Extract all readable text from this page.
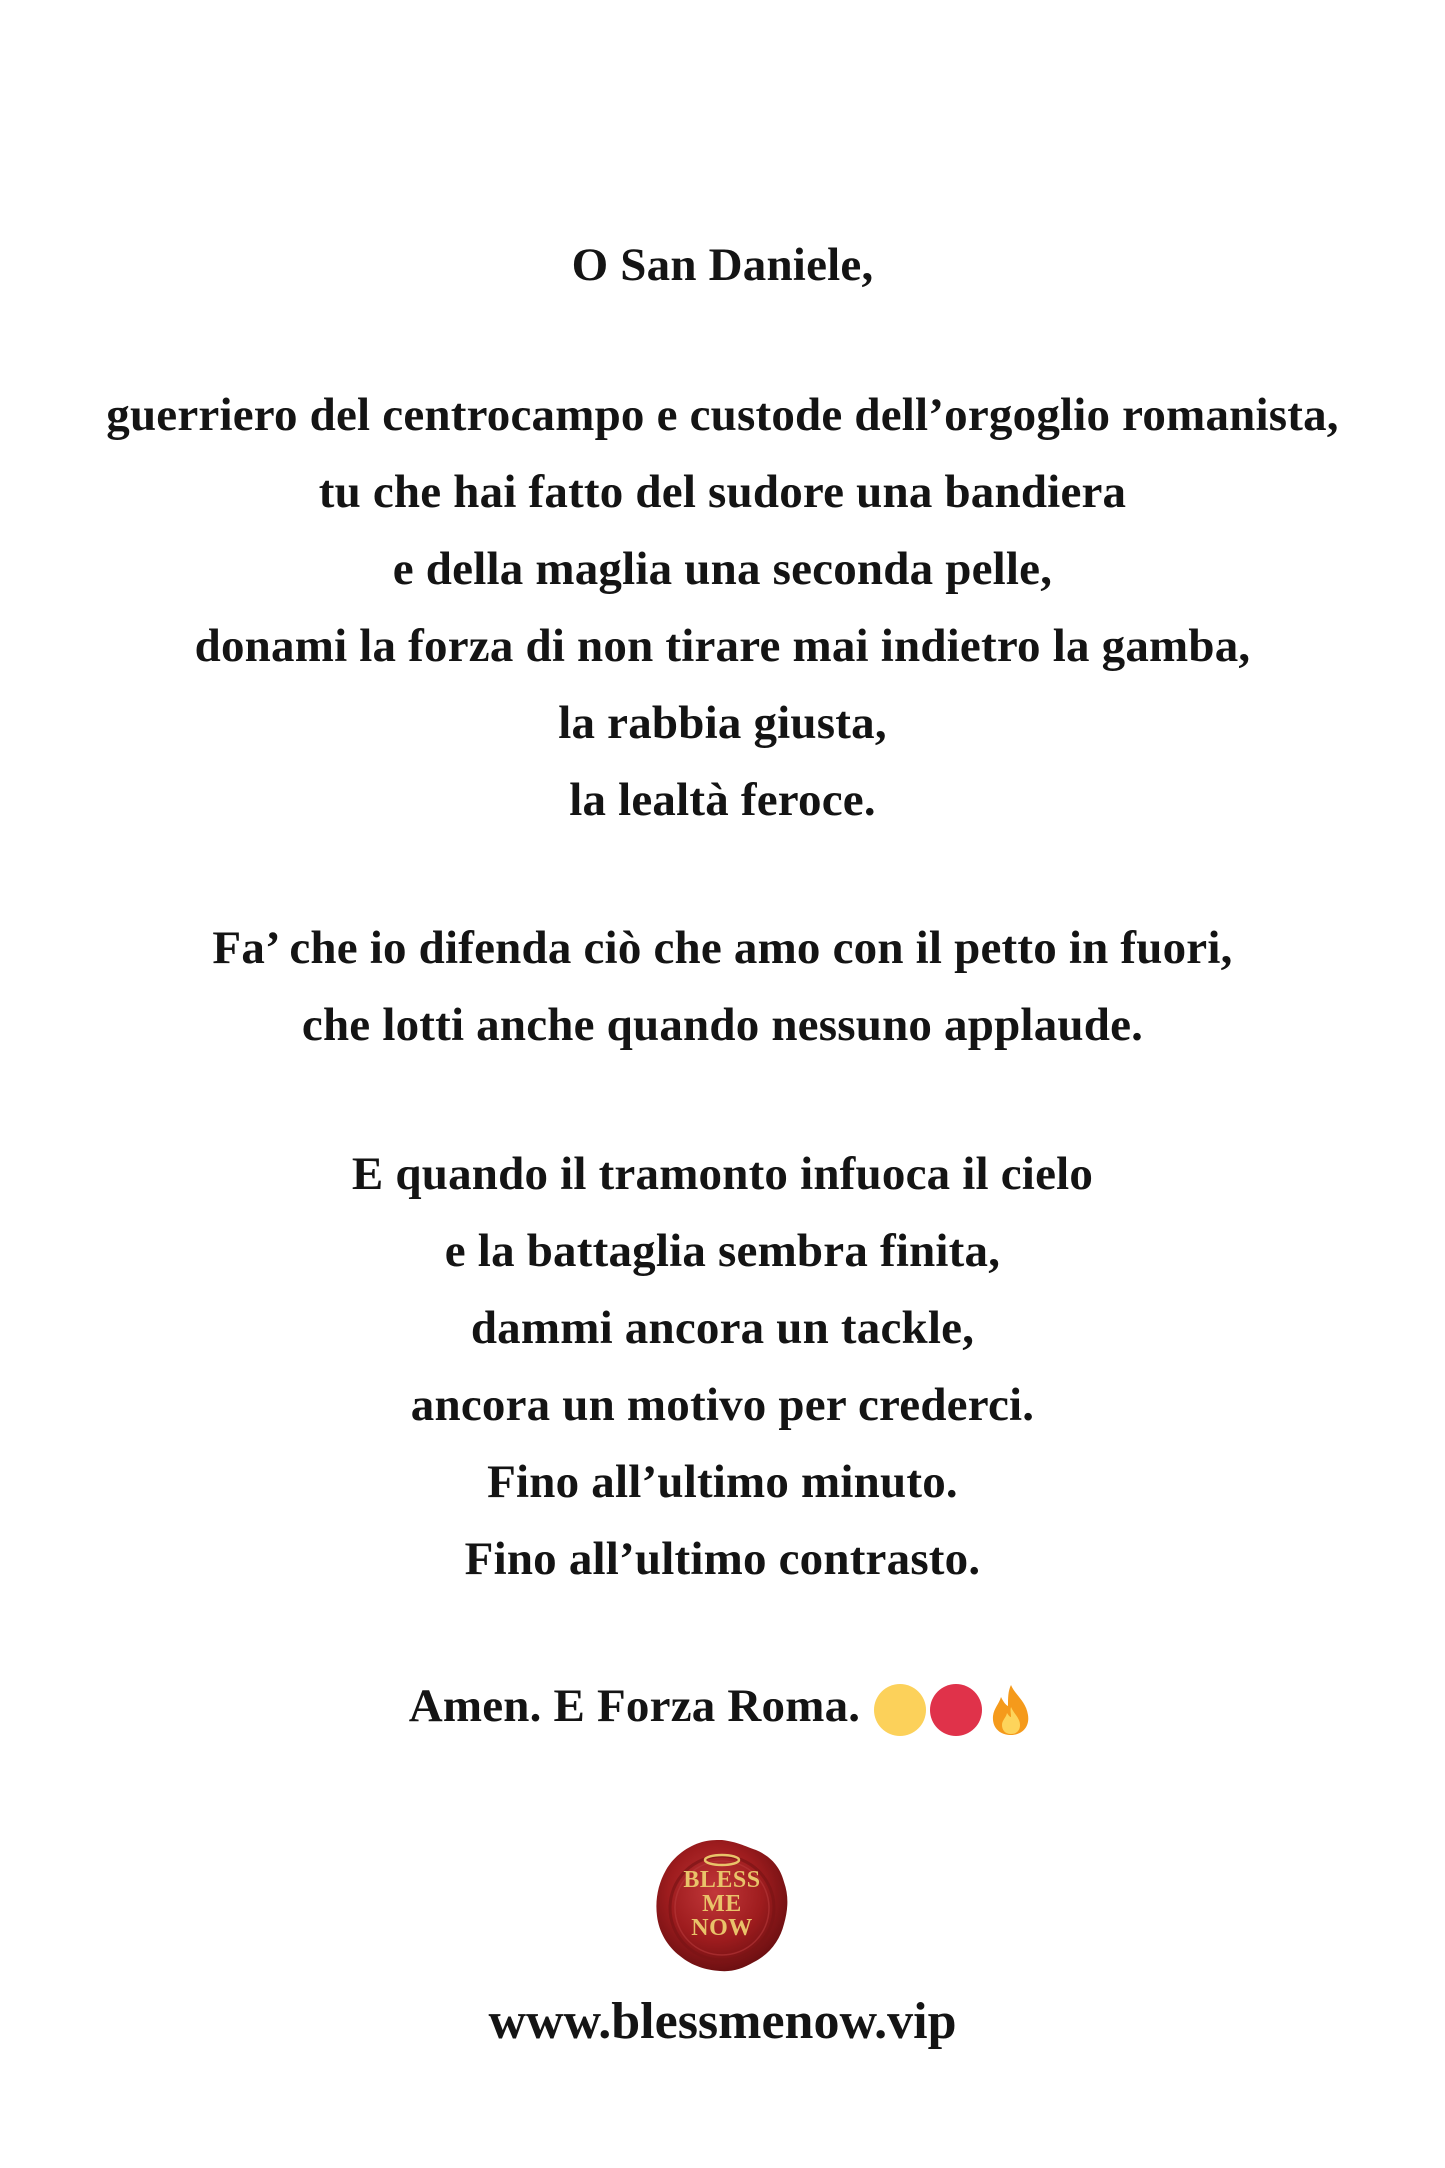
O San Daniele,
guerriero del centrocampo e custode dell’orgoglio romanista,
tu che hai fatto del sudore una bandiera
e della maglia una seconda pelle,
donami la forza di non tirare mai indietro la gamba,
la rabbia giusta,
la lealtà feroce.
Fa’ che io difenda ciò che amo con il petto in fuori,
che lotti anche quando nessuno applaude.
E quando il tramonto infuoca il cielo
e la battaglia sembra finita,
dammi ancora un tackle,
ancora un motivo per crederci.
Fino all’ultimo minuto.
Fino all’ultimo contrasto.
Amen. E Forza Roma.
BLESS
ME
NOW
www.blessmenow.vip
